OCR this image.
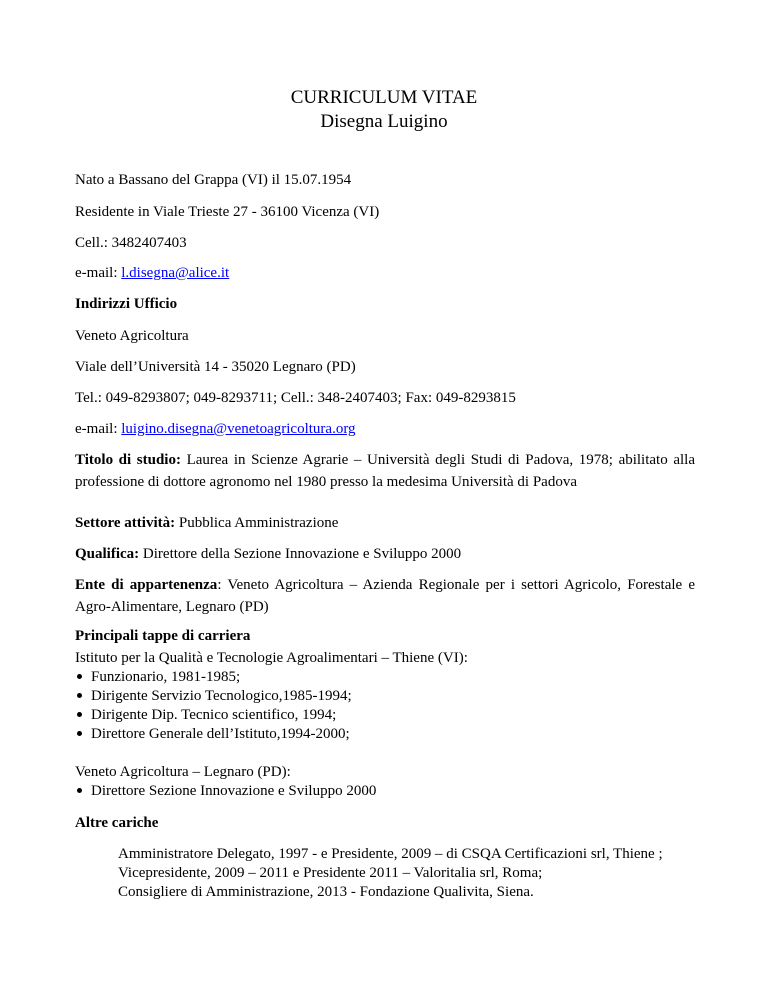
CURRICULUM VITAE
Disegna Luigino

Nato a Bassano del Grappa (VI) il 15.07.1954

Residente in Viale Trieste 27 - 36100 Vicenza (VI)

Cell.: 3482407403

e-mail: l.disegna@alice.it

Indirizzi Ufficio

Veneto Agricoltura

Viale dell’Università 14 - 35020 Legnaro (PD)

Tel.: 049-8293807; 049-8293711; Cell.: 348-2407403; Fax: 049-8293815

e-mail: luigino.disegna@venetoagricoltura.org

Titolo di studio: Laurea in Scienze Agrarie – Università degli Studi di Padova, 1978; abilitato alla professione di dottore agronomo nel 1980 presso la medesima Università di Padova

Settore attività: Pubblica Amministrazione

Qualifica: Direttore della Sezione Innovazione e Sviluppo 2000

Ente di appartenenza: Veneto Agricoltura – Azienda Regionale per i settori Agricolo, Forestale e Agro-Alimentare, Legnaro (PD)

Principali tappe di carriera

Istituto per la Qualità e Tecnologie Agroalimentari – Thiene (VI):

Funzionario, 1981-1985;
Dirigente Servizio Tecnologico,1985-1994;
Dirigente Dip. Tecnico scientifico, 1994;
Direttore Generale dell’Istituto,1994-2000;

Veneto Agricoltura – Legnaro (PD):

Direttore Sezione Innovazione e Sviluppo 2000

Altre cariche

Amministratore Delegato, 1997 - e Presidente, 2009 – di CSQA Certificazioni srl, Thiene ;

Vicepresidente, 2009 – 2011 e Presidente 2011 – Valoritalia srl, Roma;

Consigliere di Amministrazione, 2013 - Fondazione Qualivita, Siena.
